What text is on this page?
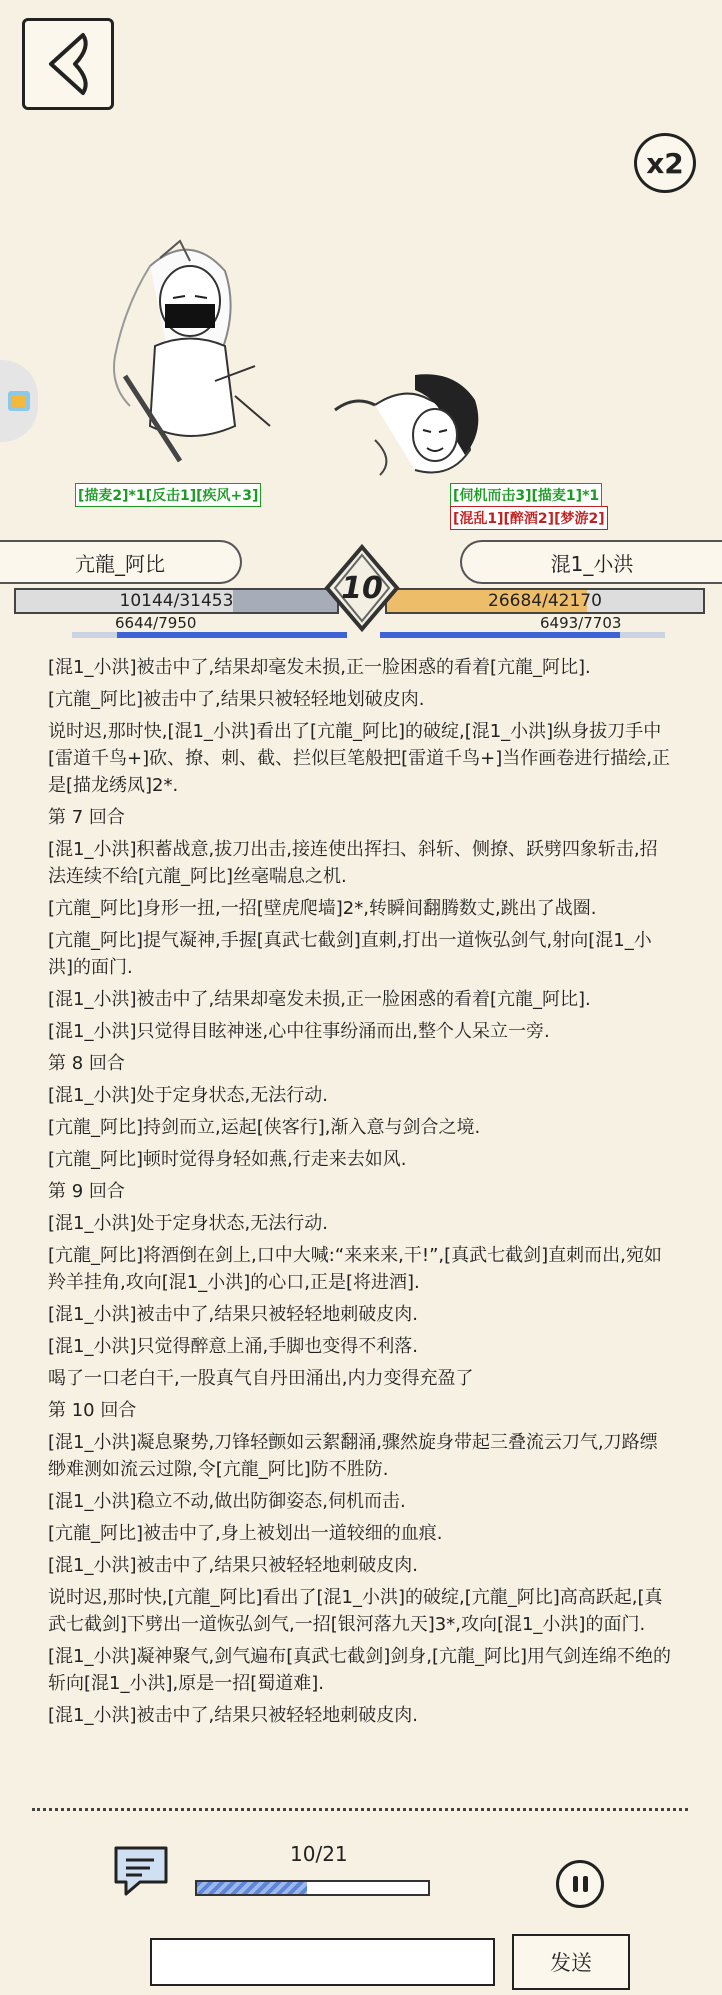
x2
[描麦2]*1[反击1][疾风+3]	[伺机而击3][描麦1]*1
[混乱1][醉酒2][梦游2]
亢龍_阿比	混1_小洪
10144/31453	26684/42170
10
6644/7950	6493/7703
[混1_小洪]被击中了,结果却毫发未损,正一脸困惑的看着[亢龍_阿比].
[亢龍_阿比]被击中了,结果只被轻轻地划破皮肉.
说时迟,那时快,[混1_小洪]看出了[亢龍_阿比]的破绽,[混1_小洪]纵身拔刀手中[雷道千鸟+]砍、撩、刺、截、拦似巨笔般把[雷道千鸟+]当作画卷进行描绘,正是[描龙绣凤]2*.
第 7 回合
[混1_小洪]积蓄战意,拔刀出击,接连使出挥扫、斜斩、侧撩、跃劈四象斩击,招法连续不给[亢龍_阿比]丝毫喘息之机.
[亢龍_阿比]身形一扭,一招[壁虎爬墙]2*,转瞬间翻腾数丈,跳出了战圈.
[亢龍_阿比]提气凝神,手握[真武七截剑]直刺,打出一道恢弘剑气,射向[混1_小洪]的面门.
[混1_小洪]被击中了,结果却毫发未损,正一脸困惑的看着[亢龍_阿比].
[混1_小洪]只觉得目眩神迷,心中往事纷涌而出,整个人呆立一旁.
第 8 回合
[混1_小洪]处于定身状态,无法行动.
[亢龍_阿比]持剑而立,运起[侠客行],渐入意与剑合之境.
[亢龍_阿比]顿时觉得身轻如燕,行走来去如风.
第 9 回合
[混1_小洪]处于定身状态,无法行动.
[亢龍_阿比]将酒倒在剑上,口中大喊:“来来来,干!”,[真武七截剑]直刺而出,宛如羚羊挂角,攻向[混1_小洪]的心口,正是[将进酒].
[混1_小洪]被击中了,结果只被轻轻地刺破皮肉.
[混1_小洪]只觉得醉意上涌,手脚也变得不利落.
喝了一口老白干,一股真气自丹田涌出,内力变得充盈了
第 10 回合
[混1_小洪]凝息聚势,刀锋轻颤如云絮翻涌,骤然旋身带起三叠流云刀气,刀路缥缈难测如流云过隙,令[亢龍_阿比]防不胜防.
[混1_小洪]稳立不动,做出防御姿态,伺机而击.
[亢龍_阿比]被击中了,身上被划出一道较细的血痕.
[混1_小洪]被击中了,结果只被轻轻地刺破皮肉.
说时迟,那时快,[亢龍_阿比]看出了[混1_小洪]的破绽,[亢龍_阿比]高高跃起,[真武七截剑]下劈出一道恢弘剑气,一招[银河落九天]3*,攻向[混1_小洪]的面门.
[混1_小洪]凝神聚气,剑气遍布[真武七截剑]剑身,[亢龍_阿比]用气剑连绵不绝的斩向[混1_小洪],原是一招[蜀道难].
[混1_小洪]被击中了,结果只被轻轻地刺破皮肉.
10/21
发送
